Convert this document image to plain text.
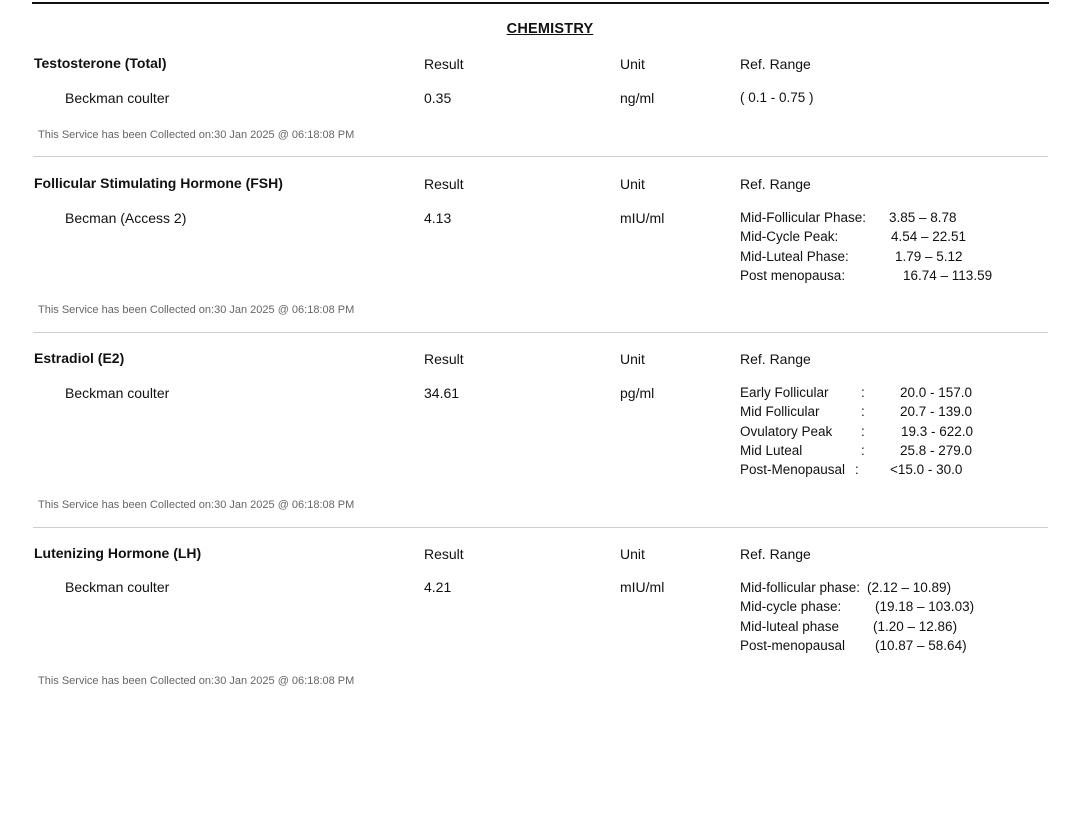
CHEMISTRY
Testosterone (Total)	Result	Unit	Ref. Range
Beckman coulter	0.35	ng/ml	( 0.1 - 0.75 )
This Service has been Collected on:30 Jan 2025 @ 06:18:08 PM
Follicular Stimulating Hormone (FSH)	Result	Unit	Ref. Range
Becman (Access 2)	4.13	mIU/ml	Mid-Follicular Phase: 3.85 – 8.78
Mid-Cycle Peak:	4.54 – 22.51
Mid-Luteal Phase:	1.79 – 5.12
Post menopausa:	16.74 – 113.59
This Service has been Collected on:30 Jan 2025 @ 06:18:08 PM
Estradiol (E2)	Result	Unit	Ref. Range
Beckman coulter	34.61	pg/ml	Early Follicular :	20.0 - 157.0
Mid Follicular	:	20.7 - 139.0
Ovulatory Peak :	19.3 - 622.0
Mid Luteal	:	25.8 - 279.0
Post-Menopausal : <15.0 - 30.0
This Service has been Collected on:30 Jan 2025 @ 06:18:08 PM
Lutenizing Hormone (LH)	Result	Unit	Ref. Range
Beckman coulter	4.21	mIU/ml	Mid-follicular phase: (2.12 – 10.89)
Mid-cycle phase: (19.18 – 103.03)
Mid-luteal phase	(1.20 – 12.86)
Post-menopausal (10.87 – 58.64)
This Service has been Collected on:30 Jan 2025 @ 06:18:08 PM
